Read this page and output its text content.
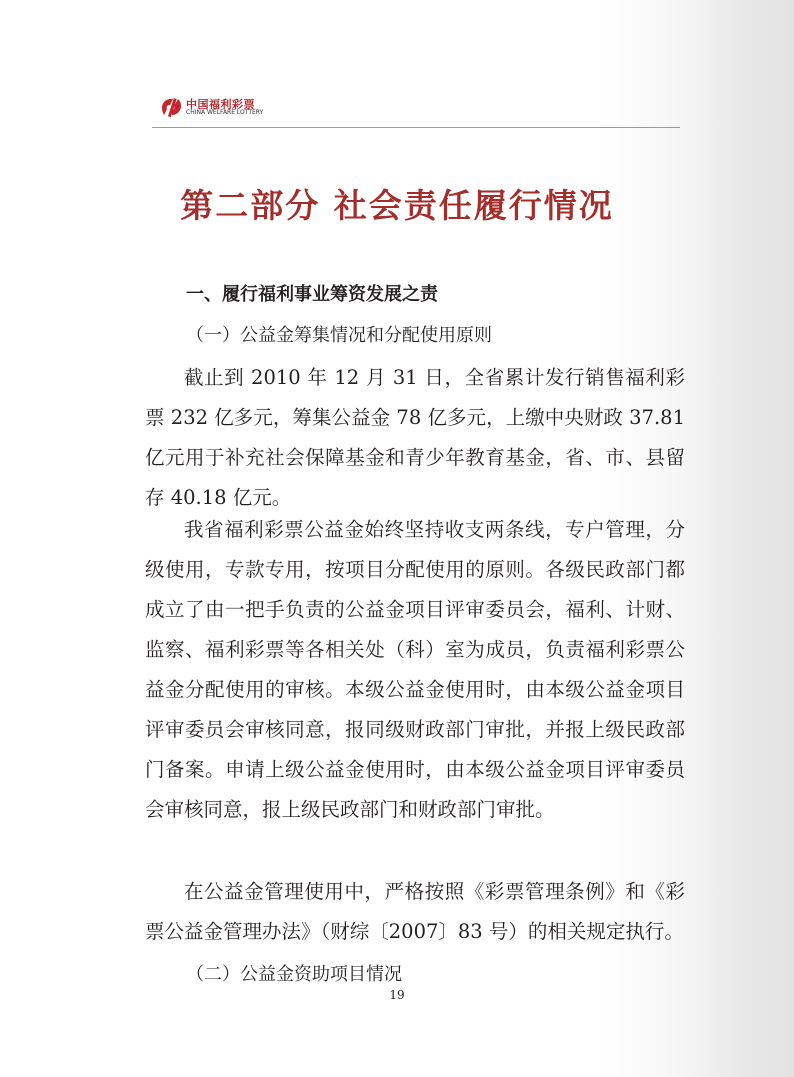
中国福利彩票
CHINA WELFARE LOTTERY
第二部分 社会责任履行情况
一、履行福利事业筹资发展之责
（一）公益金筹集情况和分配使用原则

截止到 2010 年 12 月 31 日，全省累计发行销售福利彩票 232 亿多元，筹集公益金 78 亿多元，上缴中央财政 37.81 亿元用于补充社会保障基金和青少年教育基金，省、市、县留存 40.18 亿元。

我省福利彩票公益金始终坚持收支两条线，专户管理，分级使用，专款专用，按项目分配使用的原则。各级民政部门都成立了由一把手负责的公益金项目评审委员会，福利、计财、监察、福利彩票等各相关处（科）室为成员，负责福利彩票公益金分配使用的审核。本级公益金使用时，由本级公益金项目评审委员会审核同意，报同级财政部门审批，并报上级民政部门备案。申请上级公益金使用时，由本级公益金项目评审委员会审核同意，报上级民政部门和财政部门审批。

在公益金管理使用中，严格按照《彩票管理条例》和《彩票公益金管理办法》（财综〔2007〕83 号）的相关规定执行。

（二）公益金资助项目情况
19
